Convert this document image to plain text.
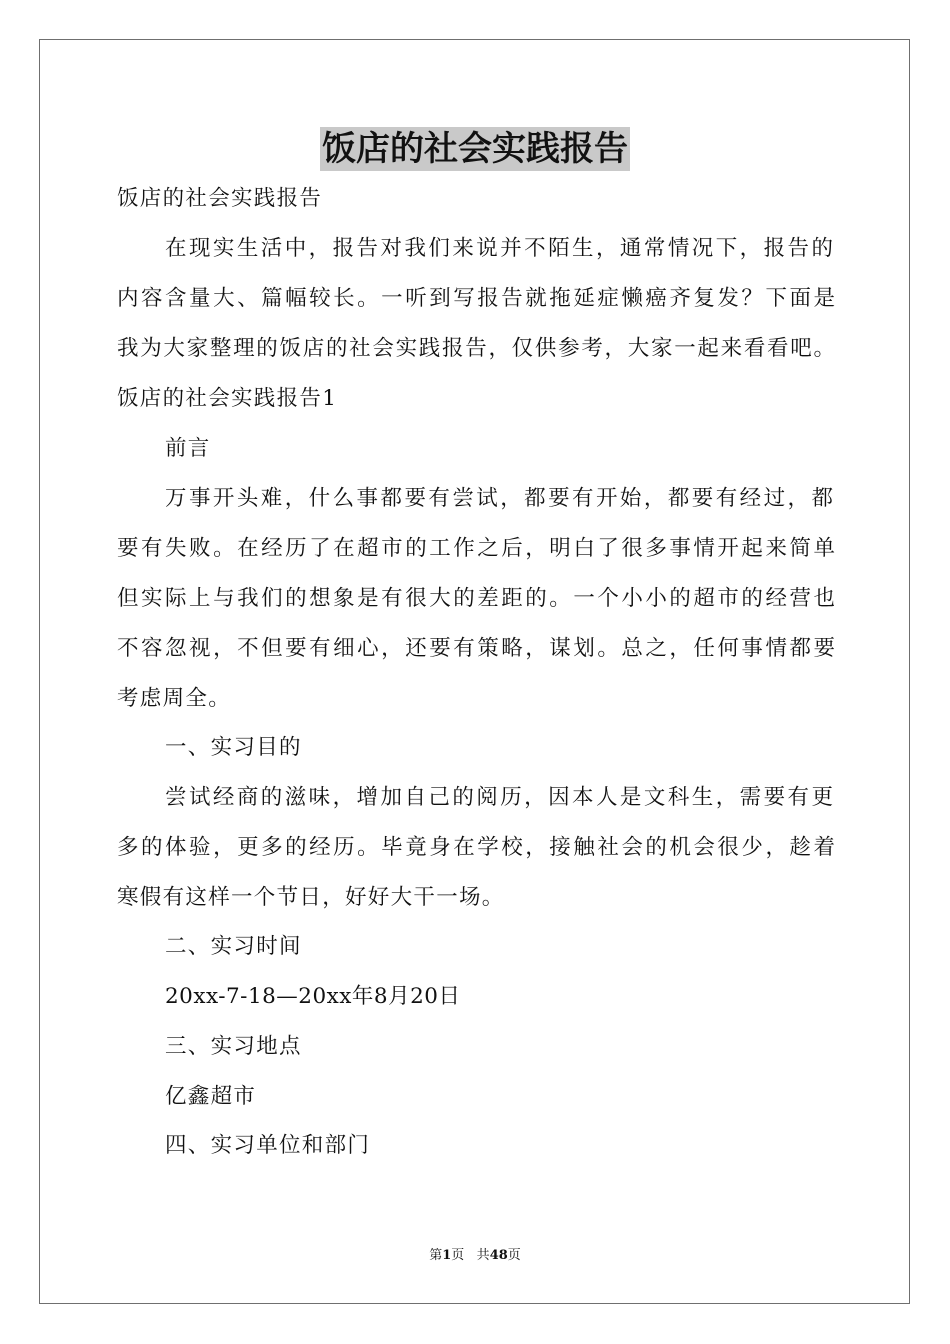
饭店的社会实践报告
饭店的社会实践报告
在现实生活中，报告对我们来说并不陌生，通常情况下，报告的
内容含量大、篇幅较长。一听到写报告就拖延症懒癌齐复发？下面是
我为大家整理的饭店的社会实践报告，仅供参考，大家一起来看看吧。
饭店的社会实践报告1
前言
万事开头难，什么事都要有尝试，都要有开始，都要有经过，都
要有失败。在经历了在超市的工作之后，明白了很多事情开起来简单
但实际上与我们的想象是有很大的差距的。一个小小的超市的经营也
不容忽视，不但要有细心，还要有策略，谋划。总之，任何事情都要
考虑周全。
一、实习目的
尝试经商的滋味，增加自己的阅历，因本人是文科生，需要有更
多的体验，更多的经历。毕竟身在学校，接触社会的机会很少，趁着
寒假有这样一个节日，好好大干一场。
二、实习时间
20xx-7-18—20xx年8月20日
三、实习地点
亿鑫超市
四、实习单位和部门
第1页 共48页
